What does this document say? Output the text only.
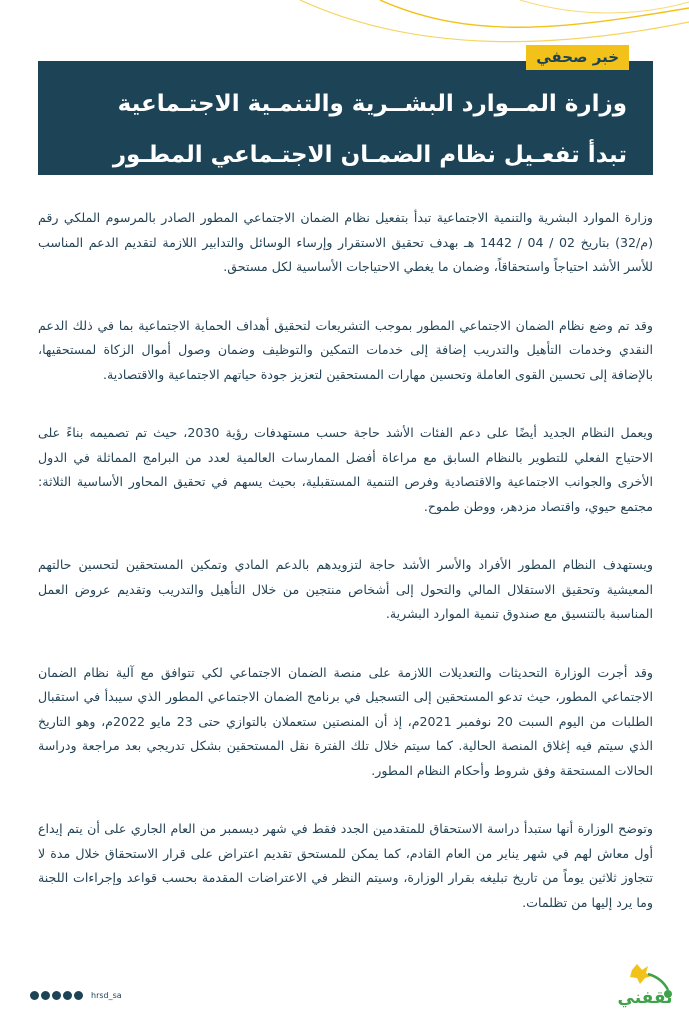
وزارة المــوارد البشــرية والتنمـية الاجتـماعية
تبدأ تفعـيل نظام الضمـان الاجتـماعي المطـور
خبر صحفي

وزارة الموارد البشرية والتنمية الاجتماعية تبدأ بتفعيل نظام الضمان الاجتماعي المطور الصادر بالمرسوم الملكي رقم (م/32) بتاريخ 02 / 04 / 1442 هـ بهدف تحقيق الاستقرار وإرساء الوسائل والتدابير اللازمة لتقديم الدعم المناسب للأسر الأشد احتياجاً واستحقاقاً، وضمان ما يغطي الاحتياجات الأساسية لكل مستحق.

وقد تم وضع نظام الضمان الاجتماعي المطور بموجب التشريعات لتحقيق أهداف الحماية الاجتماعية بما في ذلك الدعم النقدي وخدمات التأهيل والتدريب إضافة إلى خدمات التمكين والتوظيف وضمان وصول أموال الزكاة لمستحقيها، بالإضافة إلى تحسين القوى العاملة وتحسين مهارات المستحقين لتعزيز جودة حياتهم الاجتماعية والاقتصادية.

ويعمل النظام الجديد أيضًا على دعم الفئات الأشد حاجة حسب مستهدفات رؤية 2030، حيث تم تصميمه بناءً على الاحتياج الفعلي للتطوير بالنظام السابق مع مراعاة أفضل الممارسات العالمية لعدد من البرامج المماثلة في الدول الأخرى والجوانب الاجتماعية والاقتصادية وفرص التنمية المستقبلية، بحيث يسهم في تحقيق المحاور الأساسية الثلاثة: مجتمع حيوي، واقتصاد مزدهر، ووطن طموح.

ويستهدف النظام المطور الأفراد والأسر الأشد حاجة لتزويدهم بالدعم المادي وتمكين المستحقين لتحسين حالتهم المعيشية وتحقيق الاستقلال المالي والتحول إلى أشخاص منتجين من خلال التأهيل والتدريب وتقديم عروض العمل المناسبة بالتنسيق مع صندوق تنمية الموارد البشرية.

وقد أجرت الوزارة التحديثات والتعديلات اللازمة على منصة الضمان الاجتماعي لكي تتوافق مع آلية نظام الضمان الاجتماعي المطور، حيث تدعو المستحقين إلى التسجيل في برنامج الضمان الاجتماعي المطور الذي سيبدأ في استقبال الطلبات من اليوم السبت 20 نوفمبر 2021م، إذ أن المنصتين ستعملان بالتوازي حتى 23 مايو 2022م، وهو التاريخ الذي سيتم فيه إغلاق المنصة الحالية. كما سيتم خلال تلك الفترة نقل المستحقين بشكل تدريجي بعد مراجعة ودراسة الحالات المستحقة وفق شروط وأحكام النظام المطور.

وتوضح الوزارة أنها ستبدأ دراسة الاستحقاق للمتقدمين الجدد فقط في شهر ديسمبر من العام الجاري على أن يتم إيداع أول معاش لهم في شهر يناير من العام القادم، كما يمكن للمستحق تقديم اعتراض على قرار الاستحقاق خلال مدة لا تتجاوز ثلاثين يوماً من تاريخ تبليغه بقرار الوزارة، وسيتم النظر في الاعتراضات المقدمة بحسب قواعد وإجراءات اللجنة وما يرد إليها من تظلمات.

hrsd_sa	ثقفني
